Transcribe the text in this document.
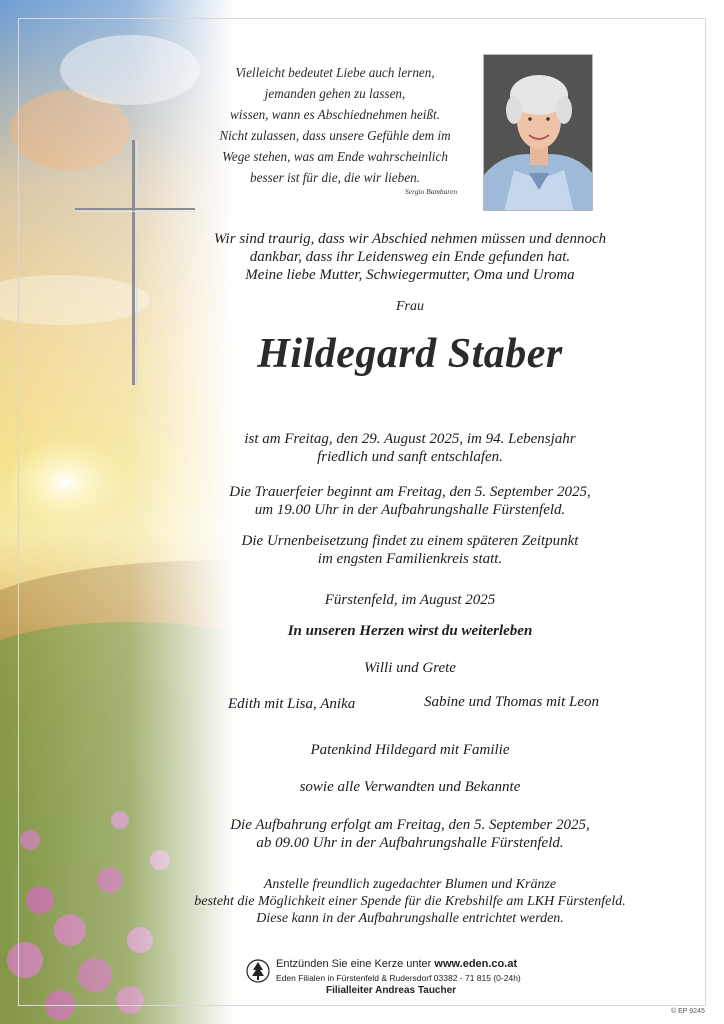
Vielleicht bedeutet Liebe auch lernen,
jemanden gehen zu lassen,
wissen, wann es Abschiednehmen heißt.
Nicht zulassen, dass unsere Gefühle dem im
Wege stehen, was am Ende wahrscheinlich
besser ist für die, die wir lieben.
Sergio Bambaren
Wir sind traurig, dass wir Abschied nehmen müssen und dennoch
dankbar, dass ihr Leidensweg ein Ende gefunden hat.
Meine liebe Mutter, Schwiegermutter, Oma und Uroma
Frau
Hildegard Staber
ist am Freitag, den 29. August 2025, im 94. Lebensjahr
friedlich und sanft entschlafen.
Die Trauerfeier beginnt am Freitag, den 5. September 2025,
um 19.00 Uhr in der Aufbahrungshalle Fürstenfeld.
Die Urnenbeisetzung findet zu einem späteren Zeitpunkt
im engsten Familienkreis statt.
Fürstenfeld, im August 2025
In unseren Herzen wirst du weiterleben
Willi und Grete
Edith mit Lisa, Anika	Sabine und Thomas mit Leon
Patenkind Hildegard mit Familie
sowie alle Verwandten und Bekannte
Die Aufbahrung erfolgt am Freitag, den 5. September 2025,
ab 09.00 Uhr in der Aufbahrungshalle Fürstenfeld.
Anstelle freundlich zugedachter Blumen und Kränze
besteht die Möglichkeit einer Spende für die Krebshilfe am LKH Fürstenfeld.
Diese kann in der Aufbahrungshalle entrichtet werden.
Entzünden Sie eine Kerze unter www.eden.co.at
Eden Filialen in Fürstenfeld & Rudersdorf 03382 - 71 815 (0-24h)
Filialleiter Andreas Taucher
© EP 9245
